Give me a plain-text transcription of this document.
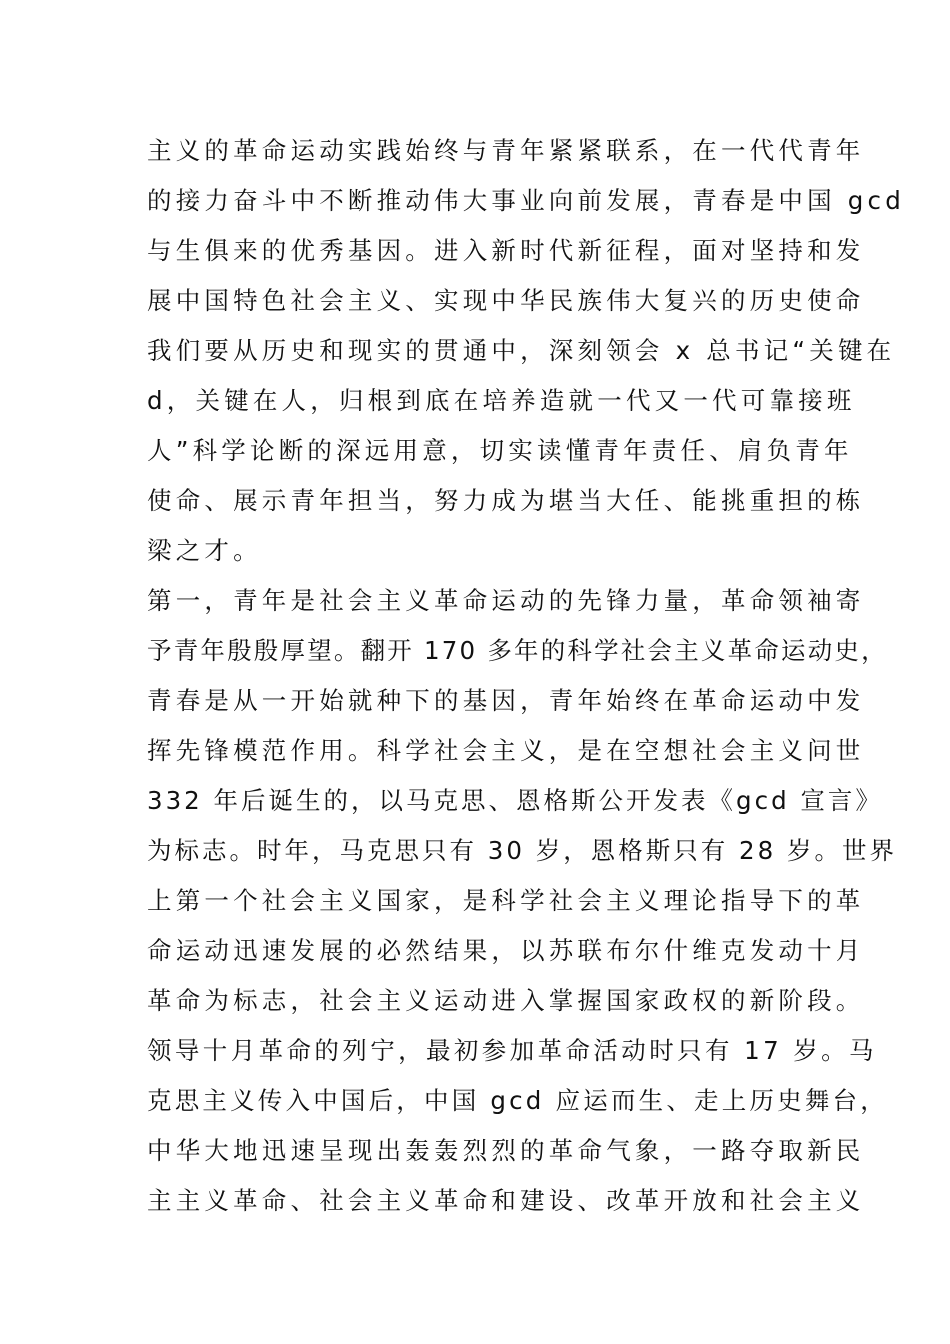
主义的革命运动实践始终与青年紧紧联系，在一代代青年
的接力奋斗中不断推动伟大事业向前发展，青春是中国 gcd
与生俱来的优秀基因。进入新时代新征程，面对坚持和发
展中国特色社会主义、实现中华民族伟大复兴的历史使命
我们要从历史和现实的贯通中，深刻领会 x 总书记“关键在
d，关键在人，归根到底在培养造就一代又一代可靠接班
人”科学论断的深远用意，切实读懂青年责任、肩负青年
使命、展示青年担当，努力成为堪当大任、能挑重担的栋
梁之才。
第一，青年是社会主义革命运动的先锋力量，革命领袖寄
予青年殷殷厚望。翻开 170 多年的科学社会主义革命运动史，
青春是从一开始就种下的基因，青年始终在革命运动中发
挥先锋模范作用。科学社会主义，是在空想社会主义问世
332 年后诞生的，以马克思、恩格斯公开发表《gcd 宣言》
为标志。时年，马克思只有 30 岁，恩格斯只有 28 岁。世界
上第一个社会主义国家，是科学社会主义理论指导下的革
命运动迅速发展的必然结果，以苏联布尔什维克发动十月
革命为标志，社会主义运动进入掌握国家政权的新阶段。
领导十月革命的列宁，最初参加革命活动时只有 17 岁。马
克思主义传入中国后，中国 gcd 应运而生、走上历史舞台，
中华大地迅速呈现出轰轰烈烈的革命气象，一路夺取新民
主主义革命、社会主义革命和建设、改革开放和社会主义
